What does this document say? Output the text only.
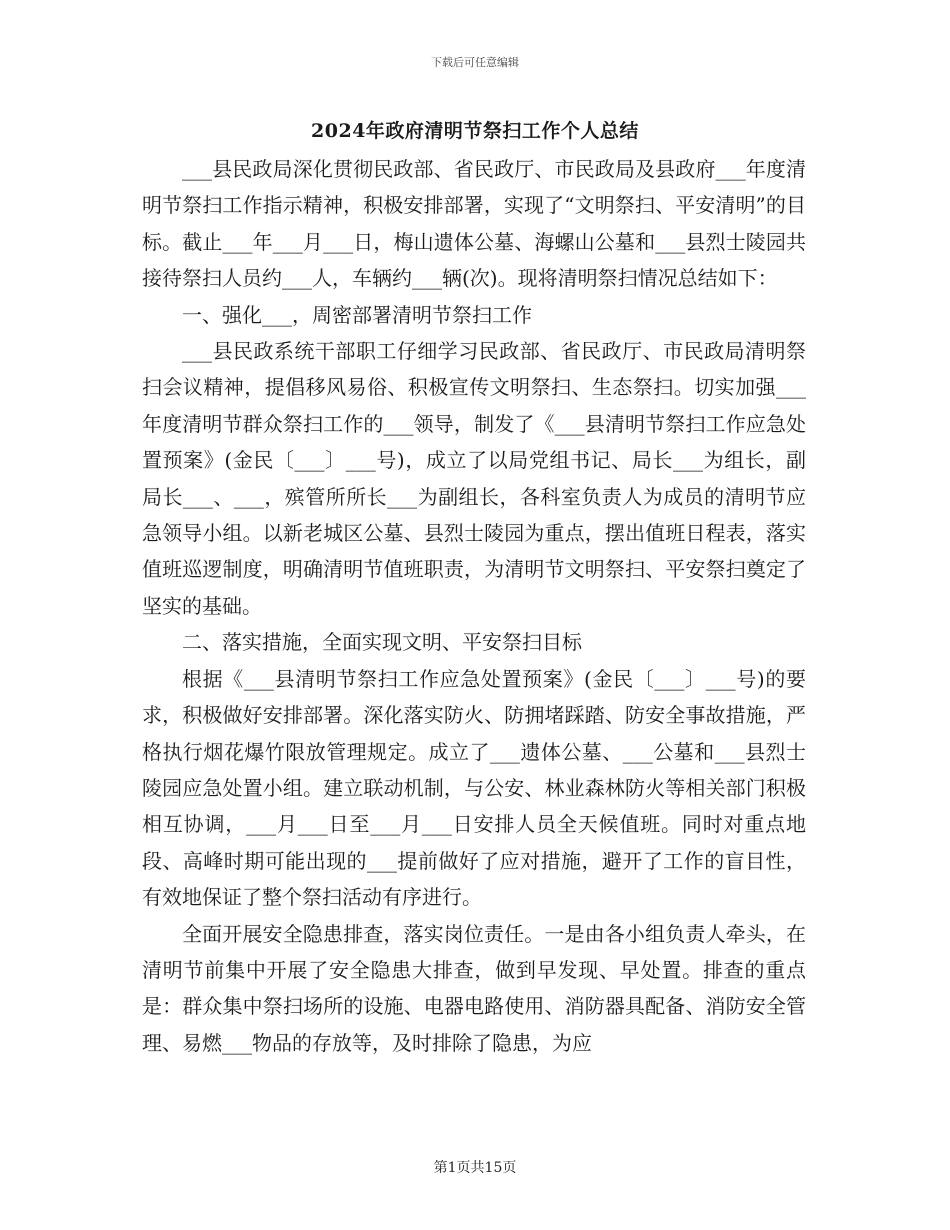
下载后可任意编辑
2024年政府清明节祭扫工作个人总结

___县民政局深化贯彻民政部、省民政厅、市民政局及县政府___年度清明节祭扫工作指示精神，积极安排部署，实现了“文明祭扫、平安清明”的目标。截止___年___月___日，梅山遗体公墓、海螺山公墓和___县烈士陵园共接待祭扫人员约___人，车辆约___辆(次)。现将清明祭扫情况总结如下：

一、强化___，周密部署清明节祭扫工作

___县民政系统干部职工仔细学习民政部、省民政厅、市民政局清明祭扫会议精神，提倡移风易俗、积极宣传文明祭扫、生态祭扫。切实加强___年度清明节群众祭扫工作的___领导，制发了《___县清明节祭扫工作应急处置预案》(金民〔___〕___号)，成立了以局党组书记、局长___为组长，副局长___、___，殡管所所长___为副组长，各科室负责人为成员的清明节应急领导小组。以新老城区公墓、县烈士陵园为重点，摆出值班日程表，落实值班巡逻制度，明确清明节值班职责，为清明节文明祭扫、平安祭扫奠定了坚实的基础。

二、落实措施，全面实现文明、平安祭扫目标

根据《___县清明节祭扫工作应急处置预案》(金民〔___〕___号)的要求，积极做好安排部署。深化落实防火、防拥堵踩踏、防安全事故措施，严格执行烟花爆竹限放管理规定。成立了___遗体公墓、___公墓和___县烈士陵园应急处置小组。建立联动机制，与公安、林业森林防火等相关部门积极相互协调，___月___日至___月___日安排人员全天候值班。同时对重点地段、高峰时期可能出现的___提前做好了应对措施，避开了工作的盲目性，有效地保证了整个祭扫活动有序进行。

全面开展安全隐患排查，落实岗位责任。一是由各小组负责人牵头，在清明节前集中开展了安全隐患大排查，做到早发现、早处置。排查的重点是：群众集中祭扫场所的设施、电器电路使用、消防器具配备、消防安全管理、易燃___物品的存放等，及时排除了隐患，为应

第1页共15页
